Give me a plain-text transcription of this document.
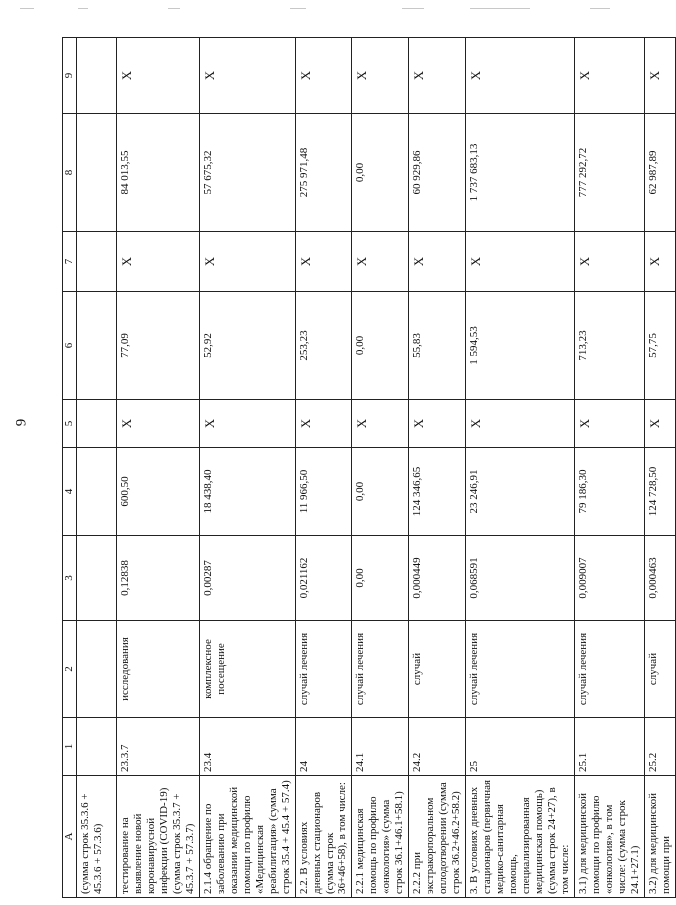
9
A	1	2	3	4	5	6	7	8	9
(сумма строк 35.3.6 + 45.3.6 + 57.3.6)									
тестирование на выявление новой коронавирусной инфекции (COVID-19) (сумма строк 35.3.7 + 45.3.7 + 57.3.7)	23.3.7	исследования	0,12838	600,50	X	77,09	X	84 013,55	X
2.1.4 обращение по заболеванию при оказании медицинской помощи по профилю «Медицинская реабилитация» (сумма строк 35.4 + 45.4 + 57.4)	23.4	комплексное посещение	0,00287	18 438,40	X	52,92	X	57 675,32	X
2.2. В условиях дневных стационаров (сумма строк 36+46+58), в том числе:	24	случай лечения	0,021162	11 966,50	X	253,23	X	275 971,48	X
2.2.1 медицинская помощь по профилю «онкология» (сумма строк 36.1+46.1+58.1)	24.1	случай лечения	0,00	0,00	X	0,00	X	0,00	X
2.2.2 при экстракорпоральном оплодотворении (сумма строк 36.2+46.2+58.2)	24.2	случай	0,000449	124 346,65	X	55,83	X	60 929,86	X
3. В условиях дневных стационаров (первичная медико-санитарная помощь, специализированная медицинская помощь) (сумма строк 24+27), в том числе:	25	случай лечения	0,068591	23 246,91	X	1 594,53	X	1 737 683,13	X
3.1) для медицинской помощи по профилю «онкология», в том числе: (сумма строк 24.1+27.1)	25.1	случай лечения	0,009007	79 186,30	X	713,23	X	777 292,72	X
3.2) для медицинской помощи при	25.2	случай	0,000463	124 728,50	X	57,75	X	62 987,89	X
